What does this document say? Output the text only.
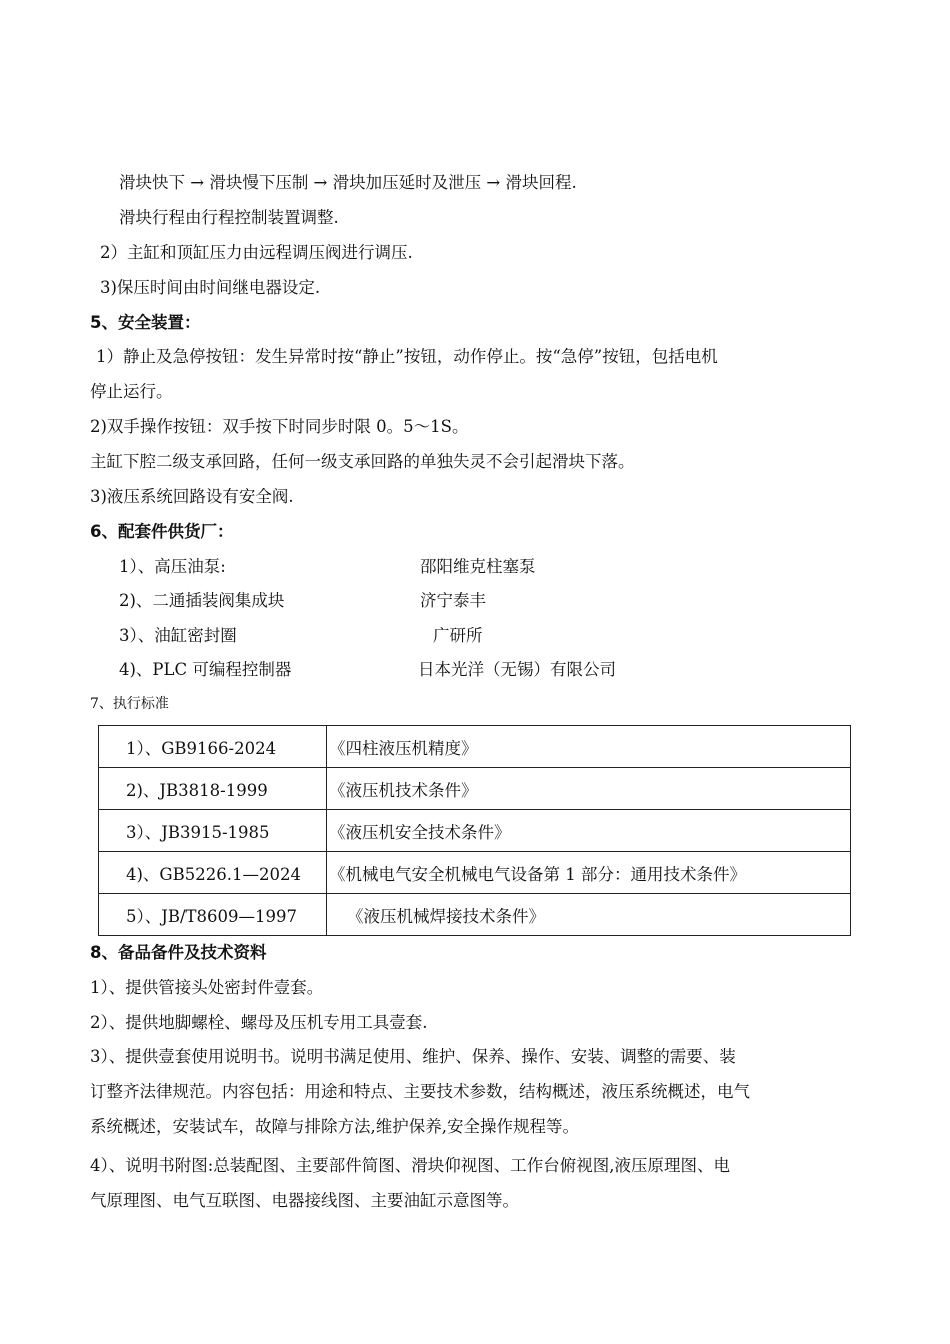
滑块快下 → 滑块慢下压制 → 滑块加压延时及泄压 → 滑块回程.
滑块行程由行程控制装置调整.
2）主缸和顶缸压力由远程调压阀进行调压.
3)保压时间由时间继电器设定.
5、安全装置：
1）静止及急停按钮：发生异常时按“静止”按钮，动作停止。按“急停”按钮，包括电机
停止运行。
2)双手操作按钮：双手按下时同步时限 0。5～1S。
主缸下腔二级支承回路，任何一级支承回路的单独失灵不会引起滑块下落。
3)液压系统回路设有安全阀.
6、配套件供货厂：
1）、高压油泵:	邵阳维克柱塞泵
2)、二通插装阀集成块	济宁泰丰
3）、油缸密封圈	广研所
4)、PLC 可编程控制器	日本光洋（无锡）有限公司
7、执行标准
1）、GB9166-2024	《四柱液压机精度》
2)、JB3818-1999	《液压机技术条件》
3）、JB3915-1985	《液压机安全技术条件》
4)、GB5226.1—2024	《机械电气安全机械电气设备第 1 部分：通用技术条件》
5）、JB/T8609—1997	《液压机械焊接技术条件》
8、备品备件及技术资料
1）、提供管接头处密封件壹套。
2）、提供地脚螺栓、螺母及压机专用工具壹套.
3）、提供壹套使用说明书。说明书满足使用、维护、保养、操作、安装、调整的需要、装
订整齐法律规范。内容包括：用途和特点、主要技术参数，结构概述，液压系统概述，电气
系统概述，安装试车，故障与排除方法,维护保养,安全操作规程等。
4）、说明书附图:总装配图、主要部件简图、滑块仰视图、工作台俯视图,液压原理图、电
气原理图、电气互联图、电器接线图、主要油缸示意图等。
